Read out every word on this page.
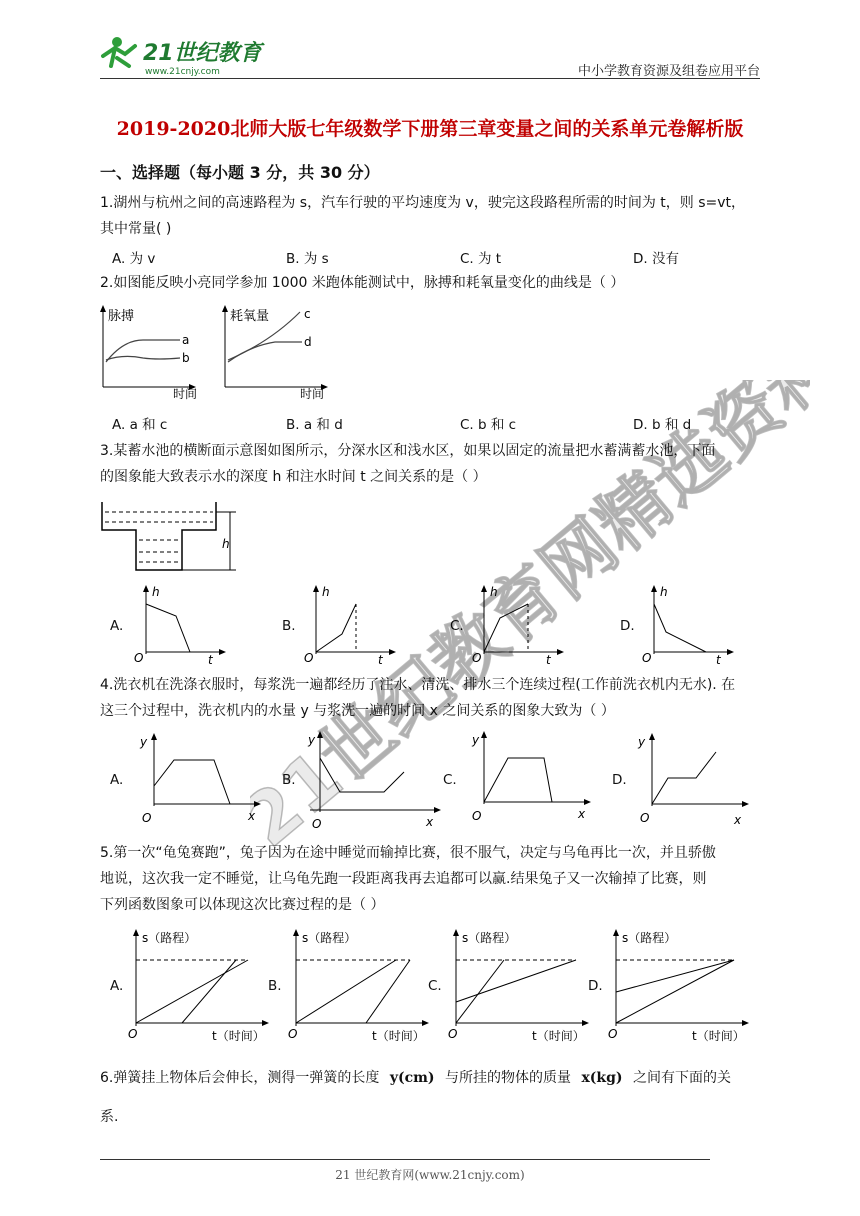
21世纪教育
www.21cnjy.com	中小学教育资源及组卷应用平台
2019-2020北师大版七年级数学下册第三章变量之间的关系单元卷解析版
一、选择题（每小题 3 分，共 30 分）
1.湖州与杭州之间的高速路程为 s，汽车行驶的平均速度为 v，驶完这段路程所需的时间为 t，则 s=vt，
其中常量( )
A. 为 v	B. 为 s	C. 为 t	D. 没有
2.如图能反映小亮同学参加 1000 米跑体能测试中，脉搏和耗氧量变化的曲线是（ ）
脉搏
时间
a
b
耗氧量
时间
c
d
A. a 和 c	B. a 和 d	C. b 和 c	D. b 和 d
3.某蓄水池的横断面示意图如图所示，分深水区和浅水区，如果以固定的流量把水蓄满蓄水池，下面
的图象能大致表示水的深度 h 和注水时间 t 之间关系的是（ ）
h
A.	B.	C.	D.
h
t
O
h
t
O
h
t
O
h
t
O
4.洗衣机在洗涤衣服时，每浆洗一遍都经历了注水、清洗、排水三个连续过程(工作前洗衣机内无水). 在
这三个过程中，洗衣机内的水量 y 与浆洗一遍的时间 x 之间关系的图象大致为（ ）
A.	B.	C.	D.
y
x
O
y
x
O
y
x
O
y
x
O
5.第一次“龟兔赛跑”，兔子因为在途中睡觉而输掉比赛，很不服气，决定与乌龟再比一次，并且骄傲
地说，这次我一定不睡觉，让乌龟先跑一段距离我再去追都可以赢.结果兔子又一次输掉了比赛，则
下列函数图象可以体现这次比赛过程的是（ ）
A.	B.	C.	D.
s（路程）
t（时间）
O
s（路程）
t（时间）
O
s（路程）
t（时间）
O
s（路程）
t（时间）
O
6.弹簧挂上物体后会伸长，测得一弹簧的长度 y(cm) 与所挂的物体的质量 x(kg) 之间有下面的关
系.
21世纪教育网精选资料
21 世纪教育网(www.21cnjy.com)
